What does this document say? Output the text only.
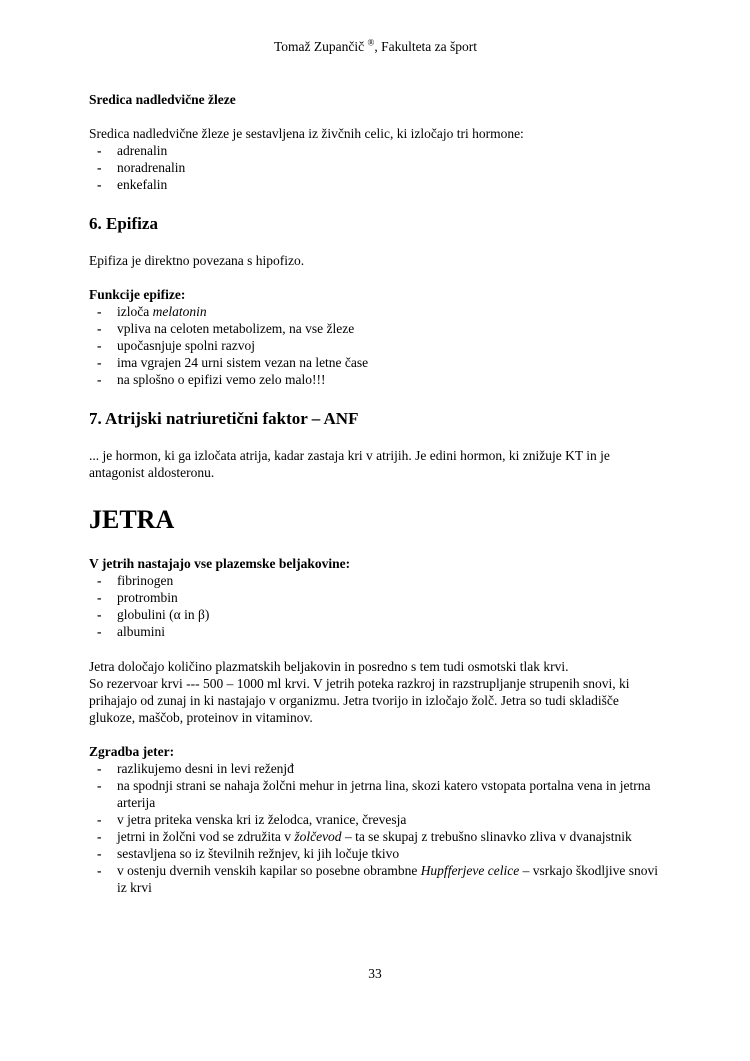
Tomaž Zupančič ®, Fakulteta za šport
Sredica nadledvične žleze
Sredica nadledvične žleze je sestavljena iz živčnih celic, ki izločajo tri hormone:
-	adrenalin
-	noradrenalin
-	enkefalin
6. Epifiza
Epifiza je direktno povezana s hipofizo.
Funkcije epifize:
-	izloča melatonin
-	vpliva na celoten metabolizem, na vse žleze
-	upočasnjuje spolni razvoj
-	ima vgrajen 24 urni sistem vezan na letne čase
-	na splošno o epifizi vemo zelo malo!!!
7. Atrijski natriuretični faktor – ANF
... je hormon, ki ga izločata atrija, kadar zastaja kri v atrijih. Je edini hormon, ki znižuje KT in je antagonist aldosteronu.
JETRA
V jetrih nastajajo vse plazemske beljakovine:
-	fibrinogen
-	protrombin
-	globulini (α in β)
-	albumini
Jetra določajo količino plazmatskih beljakovin in posredno s tem tudi osmotski tlak krvi.
So rezervoar krvi --- 500 – 1000 ml krvi. V jetrih poteka razkroj in razstrupljanje strupenih snovi, ki prihajajo od zunaj in ki nastajajo v organizmu. Jetra tvorijo in izločajo žolč. Jetra so tudi skladišče glukoze, maščob, proteinov in vitaminov.
Zgradba jeter:
-	razlikujemo desni in levi reženjđ
-	na spodnji strani se nahaja žolčni mehur in jetrna lina, skozi katero vstopata portalna vena in jetrna arterija
-	v jetra priteka venska kri iz želodca, vranice, črevesja
-	jetrni in žolčni vod se združita v žolčevod – ta se skupaj z trebušno slinavko zliva v dvanajstnik
-	sestavljena so iz številnih režnjev, ki jih ločuje tkivo
-	v ostenju dvernih venskih kapilar so posebne obrambne Hupfferjeve celice – vsrkajo škodljive snovi iz krvi
33
